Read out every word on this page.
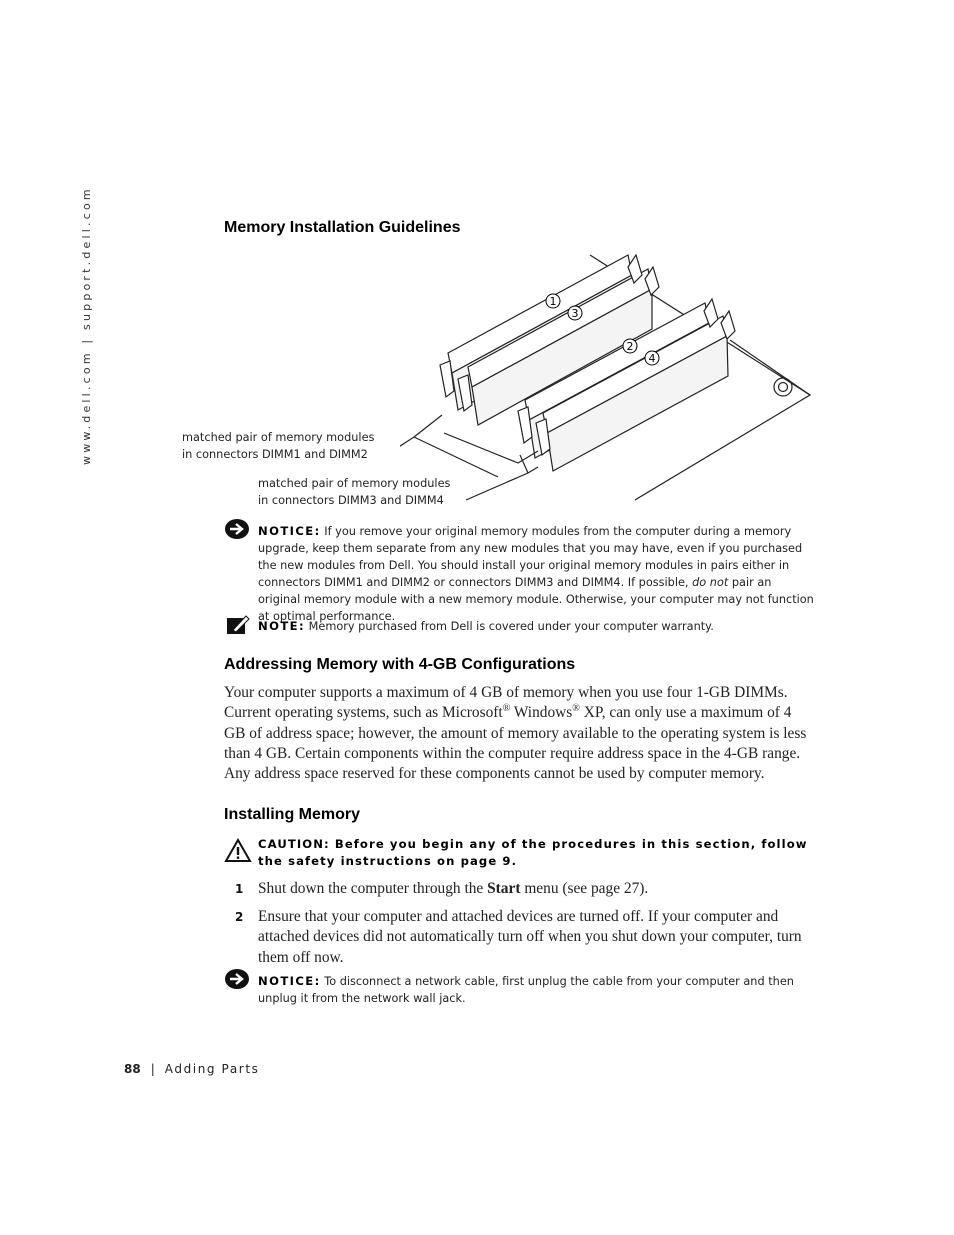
www.dell.com | support.dell.com	Memory Installation Guidelines
1
3
2
4
matched pair of memory modules
in connectors DIMM1 and DIMM2
matched pair of memory modules
in connectors DIMM3 and DIMM4
NOTICE: If you remove your original memory modules from the computer during a memory upgrade, keep them separate from any new modules that you may have, even if you purchased the new modules from Dell. You should install your original memory modules in pairs either in connectors DIMM1 and DIMM2 or connectors DIMM3 and DIMM4. If possible, do not pair an original memory module with a new memory module. Otherwise, your computer may not function at optimal performance.
NOTE: Memory purchased from Dell is covered under your computer warranty.
Addressing Memory with 4-GB Configurations
Your computer supports a maximum of 4 GB of memory when you use four 1-GB DIMMs. Current operating systems, such as Microsoft® Windows® XP, can only use a maximum of 4 GB of address space; however, the amount of memory available to the operating system is less than 4 GB. Certain components within the computer require address space in the 4-GB range. Any address space reserved for these components cannot be used by computer memory.
Installing Memory
CAUTION: Before you begin any of the procedures in this section, follow the safety instructions on page 9.
1 Shut down the computer through the Start menu (see page 27).
2 Ensure that your computer and attached devices are turned off. If your computer and attached devices did not automatically turn off when you shut down your computer, turn them off now.
NOTICE: To disconnect a network cable, first unplug the cable from your computer and then unplug it from the network wall jack.
88 | Adding Parts
